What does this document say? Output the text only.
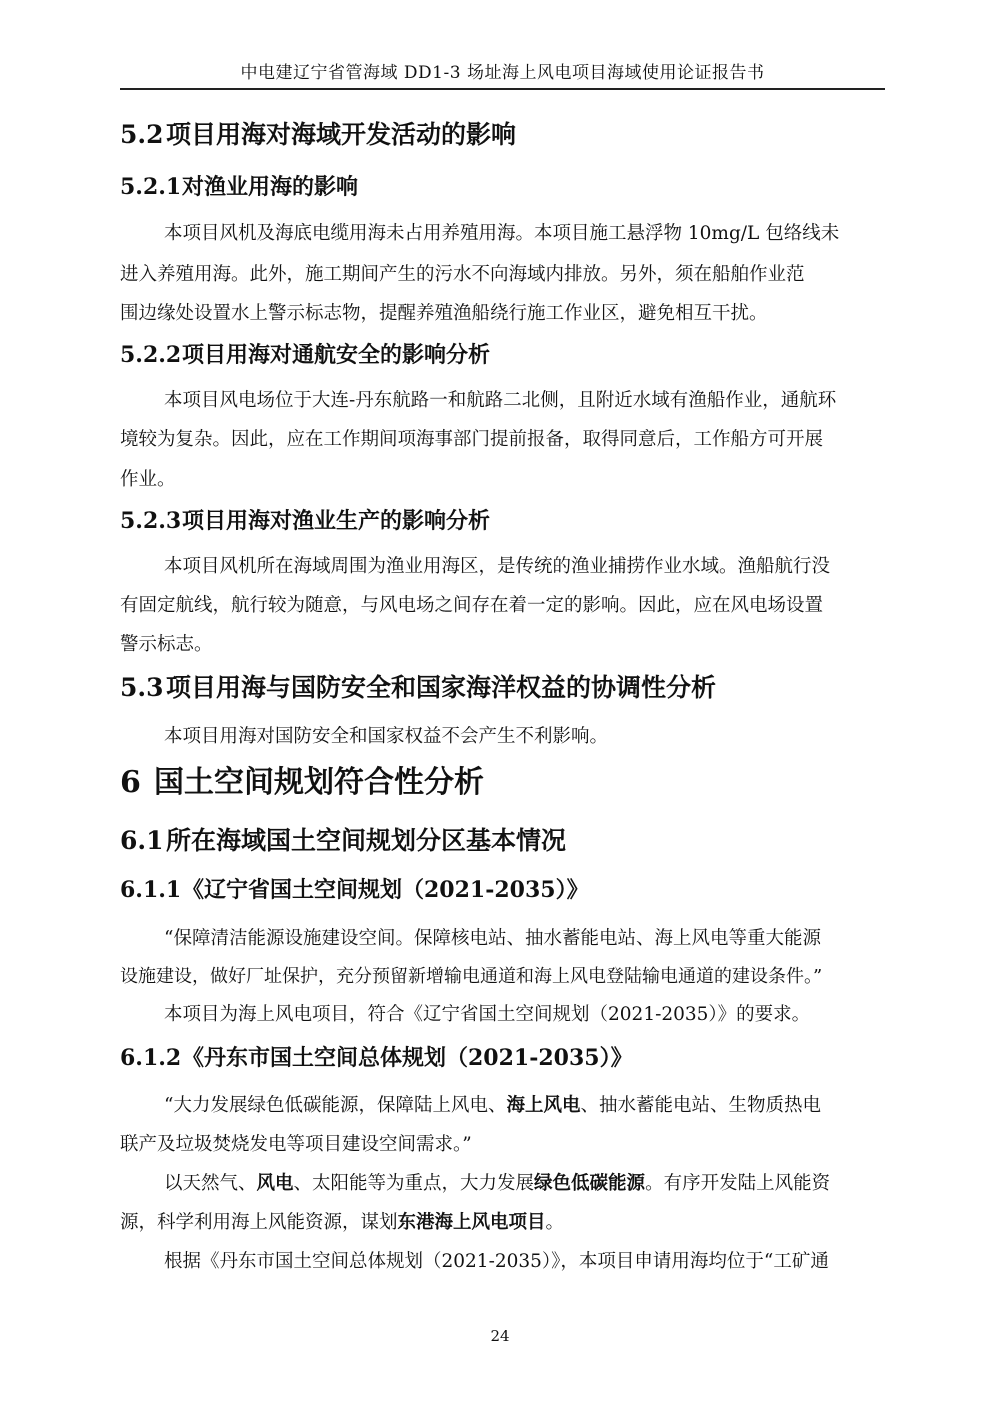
中电建辽宁省管海域 DD1-3 场址海上风电项目海域使用论证报告书
5.2 项目用海对海域开发活动的影响
5.2.1对渔业用海的影响
本项目风机及海底电缆用海未占用养殖用海。本项目施工悬浮物 10mg/L 包络线未
进入养殖用海。此外，施工期间产生的污水不向海域内排放。另外，须在船舶作业范
围边缘处设置水上警示标志物，提醒养殖渔船绕行施工作业区，避免相互干扰。
5.2.2项目用海对通航安全的影响分析
本项目风电场位于大连-丹东航路一和航路二北侧，且附近水域有渔船作业，通航环
境较为复杂。因此，应在工作期间项海事部门提前报备，取得同意后，工作船方可开展
作业。
5.2.3项目用海对渔业生产的影响分析
本项目风机所在海域周围为渔业用海区，是传统的渔业捕捞作业水域。渔船航行没
有固定航线，航行较为随意，与风电场之间存在着一定的影响。因此，应在风电场设置
警示标志。
5.3 项目用海与国防安全和国家海洋权益的协调性分析
本项目用海对国防安全和国家权益不会产生不利影响。
6 国土空间规划符合性分析
6.1 所在海域国土空间规划分区基本情况
6.1.1《辽宁省国土空间规划（2021-2035）》
“保障清洁能源设施建设空间。保障核电站、抽水蓄能电站、海上风电等重大能源
设施建设，做好厂址保护，充分预留新增输电通道和海上风电登陆输电通道的建设条件。”
本项目为海上风电项目，符合《辽宁省国土空间规划（2021-2035）》的要求。
6.1.2《丹东市国土空间总体规划（2021-2035）》
“大力发展绿色低碳能源，保障陆上风电、海上风电、抽水蓄能电站、生物质热电
联产及垃圾焚烧发电等项目建设空间需求。”
以天然气、风电、太阳能等为重点，大力发展绿色低碳能源。有序开发陆上风能资
源，科学利用海上风能资源，谋划东港海上风电项目。
根据《丹东市国土空间总体规划（2021-2035）》，本项目申请用海均位于“工矿通
24
